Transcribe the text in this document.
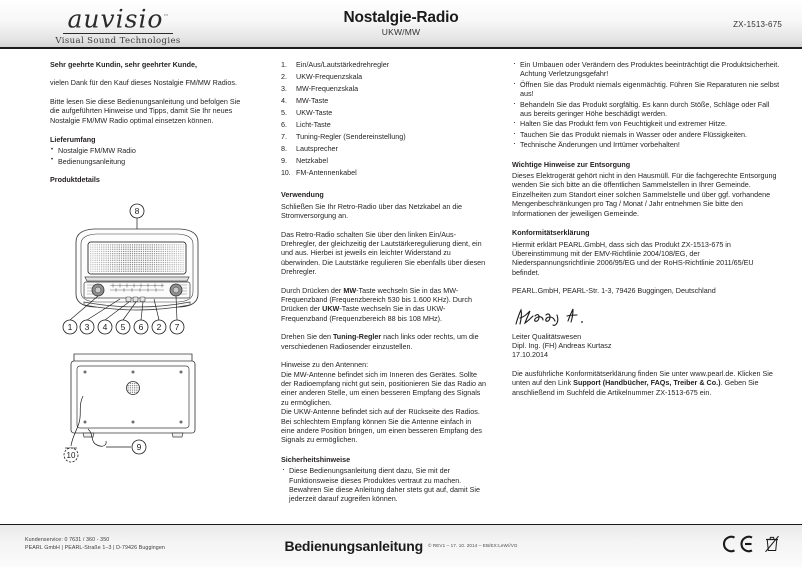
auvisio™
Visual Sound Technologies
Nostalgie-Radio
UKW/MW
ZX-1513-675

Sehr geehrte Kundin, sehr geehrter Kunde,

vielen Dank für den Kauf dieses Nostalgie FM/MW Radios.

Bitte lesen Sie diese Bedienungsanleitung und befolgen Sie die aufgeführten Hinweise und Tipps, damit Sie Ihr neues Nostalgie FM/MW Radio optimal einsetzen können.

Lieferumfang
• Nostalgie FM/MW Radio
• Bedienungsanleitung
Produktdetails
8
1 3 4 5 6 2 7
10
9
Ein/Aus/Lautstärkedrehregler
UKW-Frequenzskala
MW-Frequenzskala
MW-Taste
UKW-Taste
Licht-Taste
Tuning-Regler (Sendereinstellung)
Lautsprecher
Netzkabel
FM-Antennenkabel
Verwendung

Schließen Sie Ihr Retro-Radio über das Netzkabel an die Stromversorgung an.

Das Retro-Radio schalten Sie über den linken Ein/Aus-Drehregler, der gleichzeitig der Lautstärkeregulierung dient, ein und aus. Hierbei ist jeweils ein leichter Widerstand zu überwinden. Die Lautstärke regulieren Sie ebenfalls über diesen Drehregler.

Durch Drücken der MW-Taste wechseln Sie in das MW-Frequenzband (Frequenzbereich 530 bis 1.600 KHz). Durch Drücken der UKW-Taste wechseln Sie in das UKW-Frequenzband (Frequenzbereich 88 bis 108 MHz).

Drehen Sie den Tuning-Regler nach links oder rechts, um die verschiedenen Radiosender einzustellen.

Hinweise zu den Antennen:

Die MW-Antenne befindet sich im Inneren des Gerätes. Sollte der Radioempfang nicht gut sein, positionieren Sie das Radio an einer anderen Stelle, um einen besseren Empfang des Signals zu ermöglichen.

Die UKW-Antenne befindet sich auf der Rückseite des Radios. Bei schlechtem Empfang können Sie die Antenne einfach in eine andere Position bringen, um einen besseren Empfang des Signals zu ermöglichen.

Sicherheitshinweise
· Diese Bedienungsanleitung dient dazu, Sie mit der Funktionsweise dieses Produktes vertraut zu machen. Bewahren Sie diese Anleitung daher stets gut auf, damit Sie jederzeit darauf zugreifen können.
· Ein Umbauen oder Verändern des Produktes beeinträchtigt die Produktsicherheit. Achtung Verletzungsgefahr!
· Öffnen Sie das Produkt niemals eigenmächtig. Führen Sie Reparaturen nie selbst aus!
· Behandeln Sie das Produkt sorgfältig. Es kann durch Stöße, Schläge oder Fall aus bereits geringer Höhe beschädigt werden.
· Halten Sie das Produkt fern von Feuchtigkeit und extremer Hitze.
· Tauchen Sie das Produkt niemals in Wasser oder andere Flüssigkeiten.
· Technische Änderungen und Irrtümer vorbehalten!
Wichtige Hinweise zur Entsorgung

Dieses Elektrogerät gehört nicht in den Hausmüll. Für die fachgerechte Entsorgung wenden Sie sich bitte an die öffentlichen Sammelstellen in Ihrer Gemeinde.

Einzelheiten zum Standort einer solchen Sammelstelle und über ggf. vorhandene Mengenbeschränkungen pro Tag / Monat / Jahr entnehmen Sie bitte den Informationen der jeweiligen Gemeinde.

Konformitätserklärung

Hiermit erklärt PEARL.GmbH, dass sich das Produkt ZX-1513-675 in Übereinstimmung mit der EMV-Richtlinie 2004/108/EG, der Niederspannungsrichtlinie 2006/95/EG und der RoHS-Richtlinie 2011/65/EU befindet.

PEARL.GmbH, PEARL-Str. 1-3, 79426 Buggingen, Deutschland

Leiter Qualitätswesen

Dipl. Ing. (FH) Andreas Kurtasz

17.10.2014

Die ausführliche Konformitätserklärung finden Sie unter www.pearl.de. Klicken Sie unten auf den Link Support (Handbücher, FAQs, Treiber & Co.). Geben Sie anschließend im Suchfeld die Artikelnummer ZX-1513-675 ein.

Kundenservice: 0 7631 / 360 - 350
PEARL GmbH | PEARL-Straße 1–3 | D-79426 Buggingen	Bedienungsanleitung © REV1 – 17. 10. 2014 – EB/EX:LeW//VG
